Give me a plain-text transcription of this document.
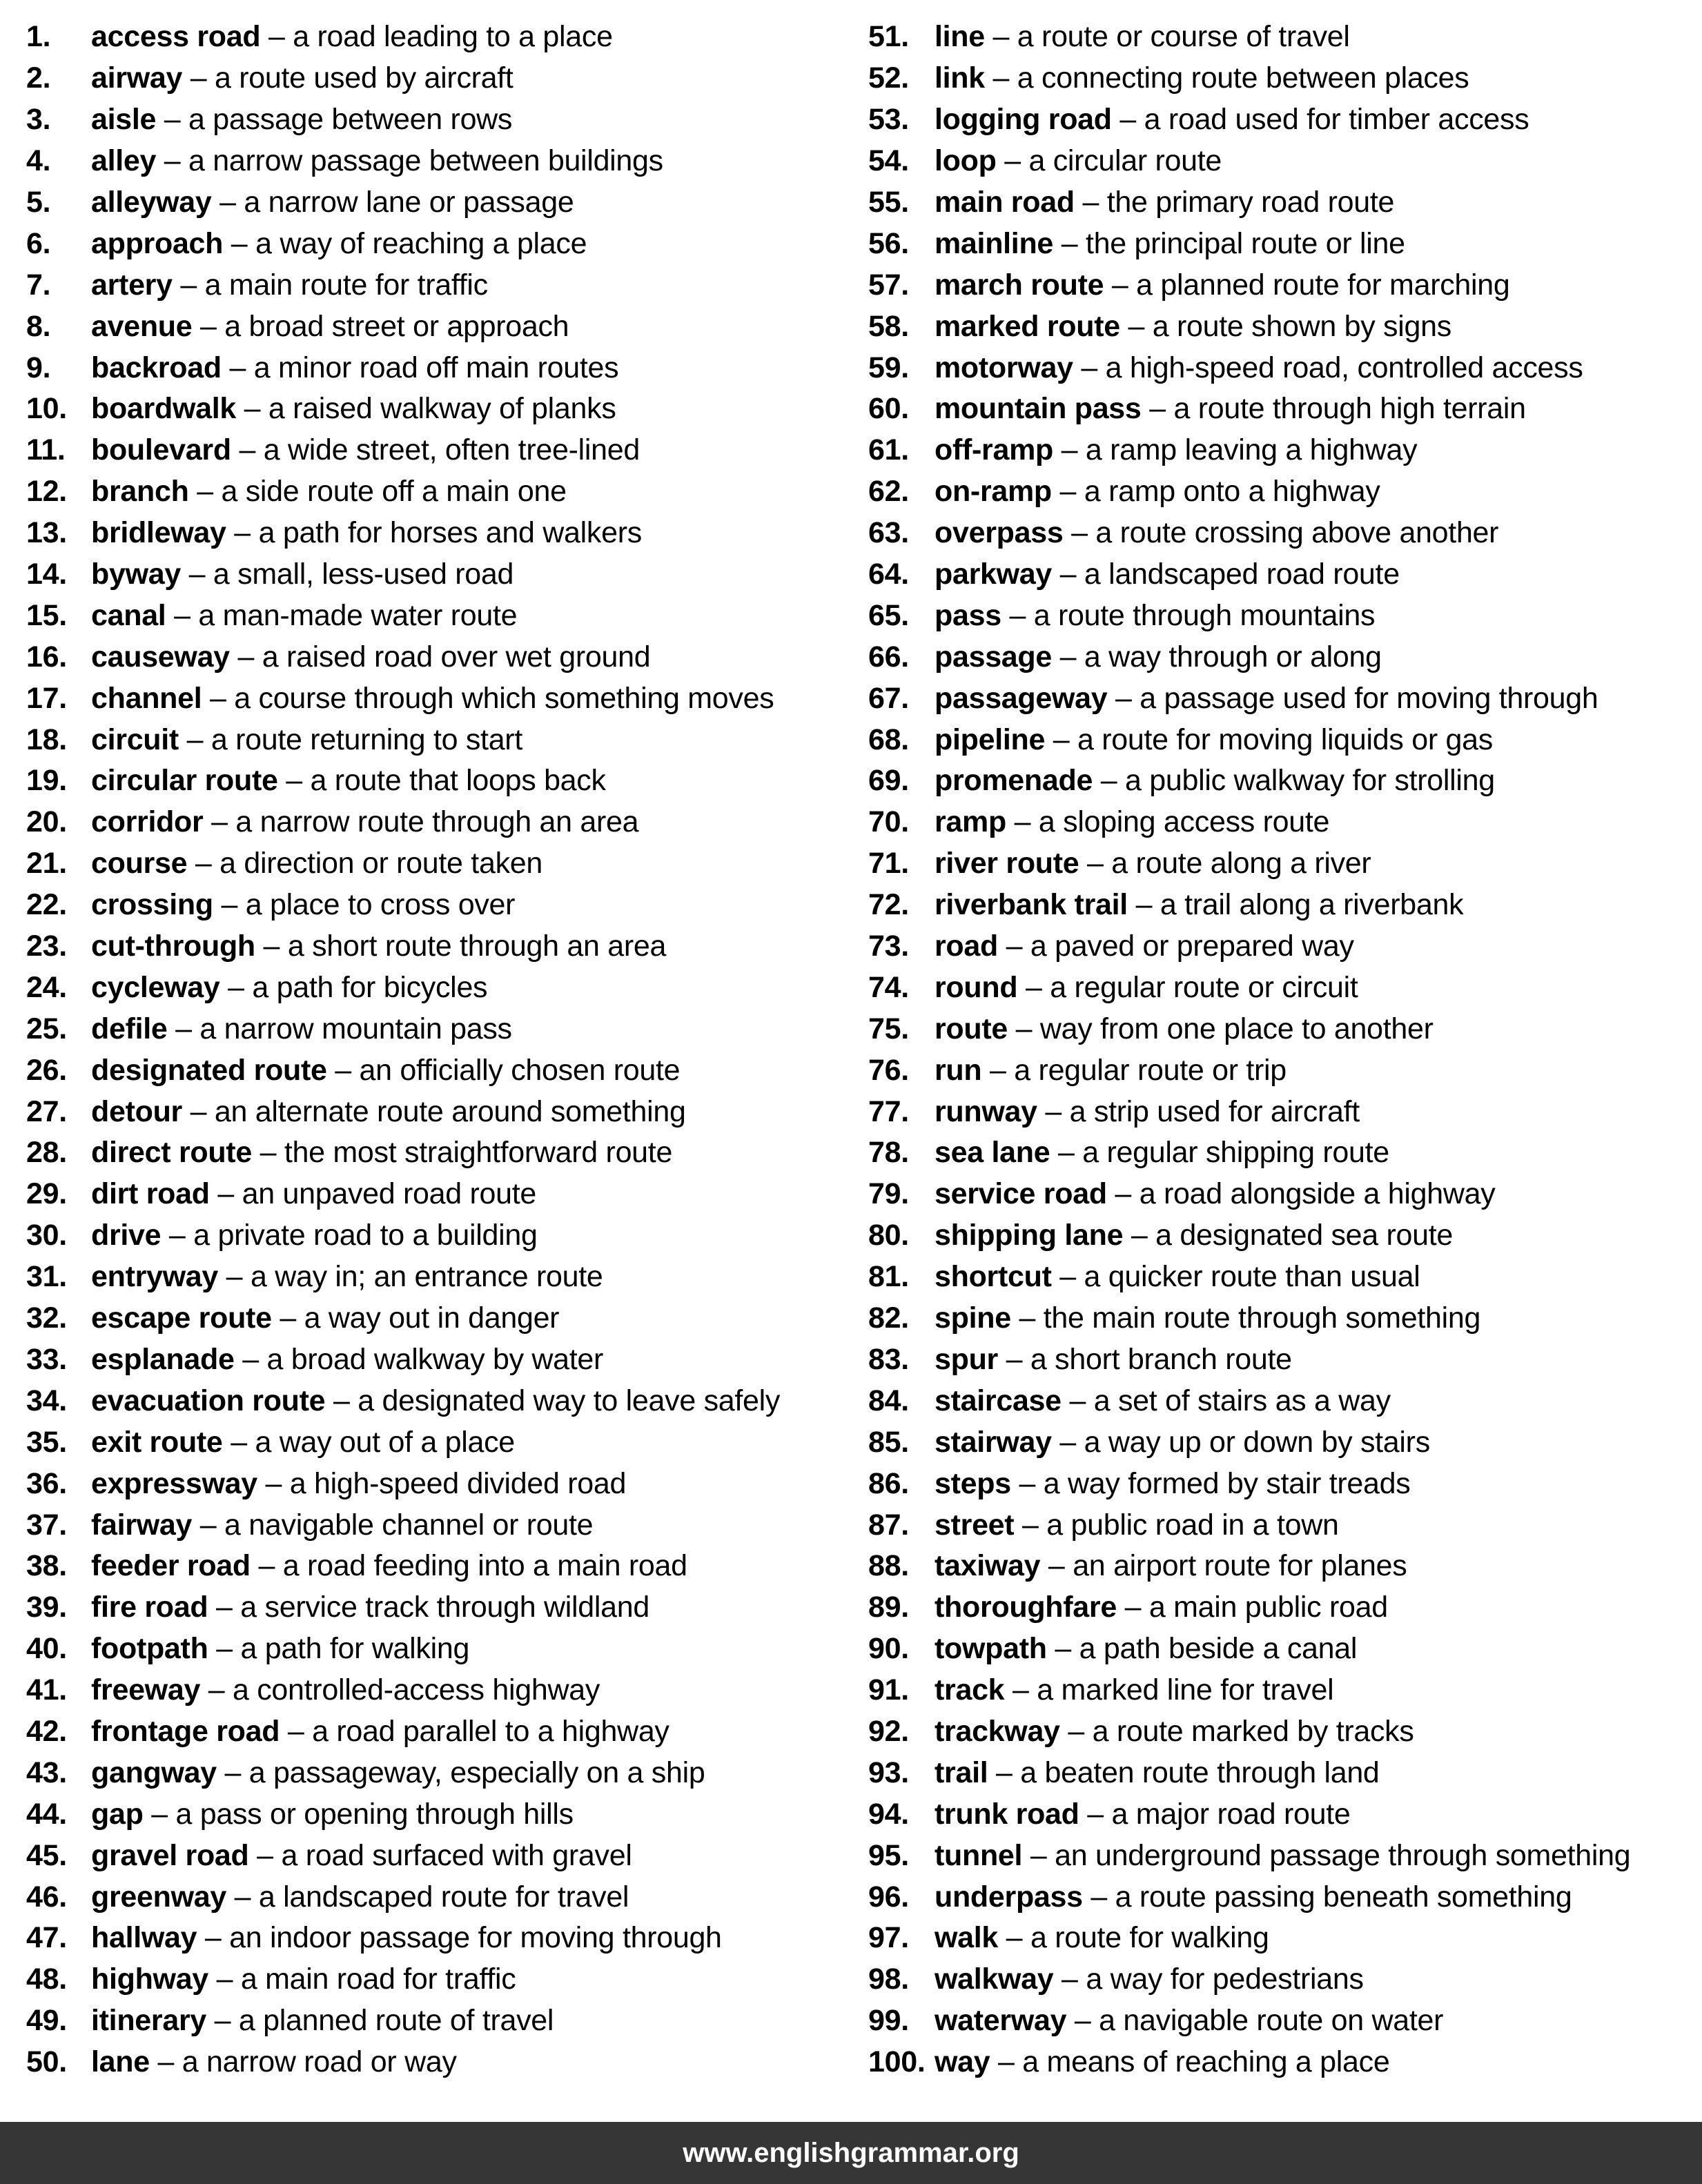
1.	access road – a road leading to a place
2.	airway – a route used by aircraft
3.	aisle – a passage between rows
4.	alley – a narrow passage between buildings
5.	alleyway – a narrow lane or passage
6.	approach – a way of reaching a place
7.	artery – a main route for traffic
8.	avenue – a broad street or approach
9.	backroad – a minor road off main routes
10. boardwalk – a raised walkway of planks
11. boulevard – a wide street, often tree-lined
12. branch – a side route off a main one
13. bridleway – a path for horses and walkers
14. byway – a small, less-used road
15. canal – a man-made water route
16. causeway – a raised road over wet ground
17. channel – a course through which something moves
18. circuit – a route returning to start
19. circular route – a route that loops back
20. corridor – a narrow route through an area
21. course – a direction or route taken
22. crossing – a place to cross over
23. cut-through – a short route through an area
24. cycleway – a path for bicycles
25. defile – a narrow mountain pass
26. designated route – an officially chosen route
27. detour – an alternate route around something
28. direct route – the most straightforward route
29. dirt road – an unpaved road route
30. drive – a private road to a building
31. entryway – a way in; an entrance route
32. escape route – a way out in danger
33. esplanade – a broad walkway by water
34. evacuation route – a designated way to leave safely
35. exit route – a way out of a place
36. expressway – a high-speed divided road
37. fairway – a navigable channel or route
38. feeder road – a road feeding into a main road
39. fire road – a service track through wildland
40. footpath – a path for walking
41. freeway – a controlled-access highway
42. frontage road – a road parallel to a highway
43. gangway – a passageway, especially on a ship
44. gap – a pass or opening through hills
45. gravel road – a road surfaced with gravel
46. greenway – a landscaped route for travel
47. hallway – an indoor passage for moving through
48. highway – a main road for traffic
49. itinerary – a planned route of travel
50. lane – a narrow road or way
51. line – a route or course of travel
52. link – a connecting route between places
53. logging road – a road used for timber access
54. loop – a circular route
55. main road – the primary road route
56. mainline – the principal route or line
57. march route – a planned route for marching
58. marked route – a route shown by signs
59. motorway – a high-speed road, controlled access
60. mountain pass – a route through high terrain
61. off-ramp – a ramp leaving a highway
62. on-ramp – a ramp onto a highway
63. overpass – a route crossing above another
64. parkway – a landscaped road route
65. pass – a route through mountains
66. passage – a way through or along
67. passageway – a passage used for moving through
68. pipeline – a route for moving liquids or gas
69. promenade – a public walkway for strolling
70. ramp – a sloping access route
71. river route – a route along a river
72. riverbank trail – a trail along a riverbank
73. road – a paved or prepared way
74. round – a regular route or circuit
75. route – way from one place to another
76. run – a regular route or trip
77. runway – a strip used for aircraft
78. sea lane – a regular shipping route
79. service road – a road alongside a highway
80. shipping lane – a designated sea route
81. shortcut – a quicker route than usual
82. spine – the main route through something
83. spur – a short branch route
84. staircase – a set of stairs as a way
85. stairway – a way up or down by stairs
86. steps – a way formed by stair treads
87. street – a public road in a town
88. taxiway – an airport route for planes
89. thoroughfare – a main public road
90. towpath – a path beside a canal
91. track – a marked line for travel
92. trackway – a route marked by tracks
93. trail – a beaten route through land
94. trunk road – a major road route
95. tunnel – an underground passage through something
96. underpass – a route passing beneath something
97. walk – a route for walking
98. walkway – a way for pedestrians
99. waterway – a navigable route on water
100. way – a means of reaching a place
www.englishgrammar.org
